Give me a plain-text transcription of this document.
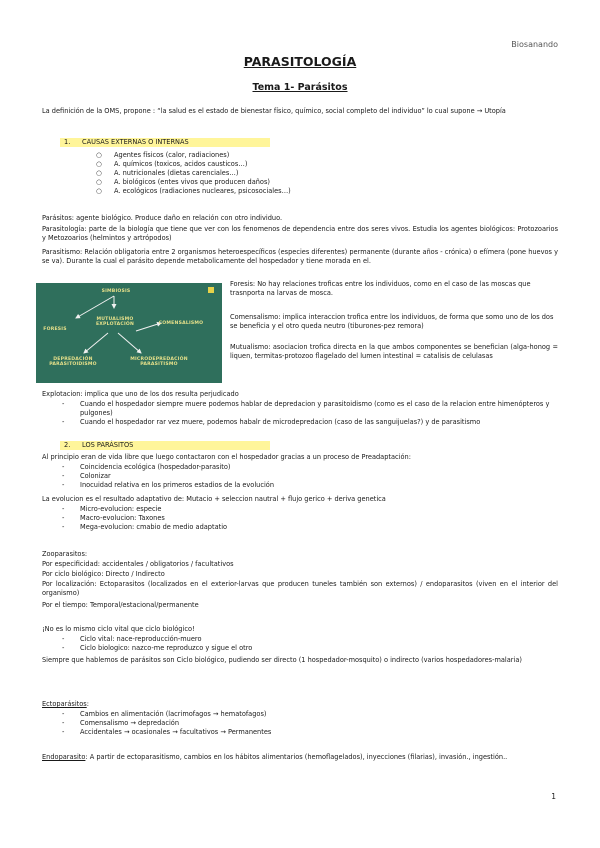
Biosanando
PARASITOLOGÍA
Tema 1- Parásitos
La definición de la OMS, propone : “la salud es el estado de bienestar físico, químico, social completo del individuo” lo cual supone → Utopía
1. CAUSAS EXTERNAS O INTERNAS
○ Agentes físicos (calor, radiaciones)
○ A. químicos (toxicos, acidos causticos…)
○ A. nutricionales (dietas carenciales…)
○ A. biológicos (entes vivos que producen daños)
○ A. ecológicos (radiaciones nucleares, psicosociales…)
Parásitos: agente biológico. Produce daño en relación con otro individuo.
Parasitología: parte de la biología que tiene que ver con los fenomenos de dependencia entre dos seres vivos. Estudia los agentes biológicos: Protozoarios y Metozoarios (helmintos y artrópodos)
Parasitismo: Relación obligatoria entre 2 organismos heteroespecíficos (especies diferentes) permanente (durante años - crónica) o efímera (pone huevos y se va). Durante la cual el parásito depende metabolicamente del hospedador y tiene morada en el.
SIMBIOSIS
MUTUALISMO
EXPLOTACIÓN
FORESIS
COMENSALISMO
DEPREDACIÓN
PARASITOIDISMO
MICRODEPREDACIÓN
PARASITISMO
Foresis: No hay relaciones troficas entre los individuos, como en el caso de las moscas que trasnporta na larvas de mosca.
Comensalismo: implica interaccion trofica entre los individuos, de forma que somo uno de los dos se beneficia y el otro queda neutro (tiburones-pez remora)
Mutualismo: asociacion trofica directa en la que ambos componentes se benefician (alga-honog = liquen, termitas-protozoo flagelado del lumen intestinal = catalisis de celulasas
Explotacion: implica que uno de los dos resulta perjudicado
- Cuando el hospedador siempre muere podemos hablar de depredacion y parasitoidismo (como es el caso de la relacion entre himenópteros y pulgones)
- Cuando el hospedador rar vez muere, podemos habalr de microdepredacion (caso de las sanguijuelas?) y de parasitismo
2. LOS PARÁSITOS
Al principio eran de vida libre que luego contactaron con el hospedador gracias a un proceso de Preadaptación:
- Coincidencia ecológica (hospedador-parasito)
- Colonizar
- Inocuidad relativa en los primeros estadios de la evolución
La evolucion es el resultado adaptativo de: Mutacio + seleccion nautral + flujo gerico + deriva genetica
- Micro-evolucion: especie
- Macro-evolucion: Taxones
- Mega-evolucion: cmabio de medio adaptatio
Zooparasitos:
Por especificidad: accidentales / obligatorios / facultativos
Por ciclo biológico: Directo / Indirecto
Por localización: Ectoparasitos (localizados en el exterior-larvas que producen tuneles también son externos) / endoparasitos (viven en el interior del organismo)
Por el tiempo: Temporal/estacional/permanente
¡No es lo mismo ciclo vital que ciclo biológico!
- Ciclo vital: nace-reproducción-muero
- Ciclo biologico: nazco-me reproduzco y sigue el otro
Siempre que hablemos de parásitos son Ciclo biológico, pudiendo ser directo (1 hospedador-mosquito) o indirecto (varios hospedadores-malaria)
Ectoparásitos:
- Cambios en alimentación (lacrimofagos → hematofagos)
- Comensalismo → depredación
- Accidentales → ocasionales → facultativos → Permanentes
Endoparasito: A partir de ectoparasitismo, cambios en los hábitos alimentarios (hemoflagelados), inyecciones (filarias), invasión., ingestión..
1
